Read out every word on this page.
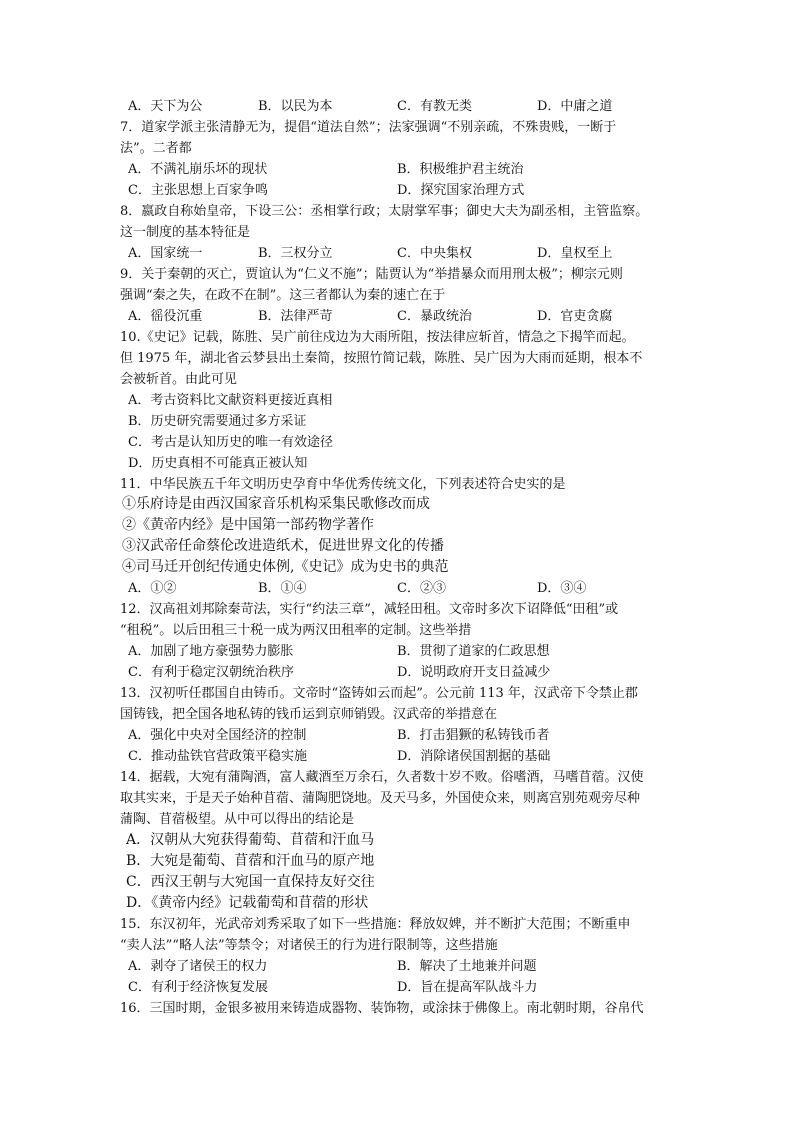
A．天下为公	B．以民为本	C．有教无类	D．中庸之道
7．道家学派主张清静无为，提倡“道法自然”；法家强调“不别亲疏，不殊贵贱，一断于
法”。二者都
A．不满礼崩乐坏的现状	B．积极维护君主统治
C．主张思想上百家争鸣	D．探究国家治理方式
8．嬴政自称始皇帝，下设三公：丞相掌行政；太尉掌军事；御史大夫为副丞相，主管监察。
这一制度的基本特征是
A．国家统一	B．三权分立	C．中央集权	D．皇权至上
9．关于秦朝的灭亡，贾谊认为“仁义不施”；陆贾认为“举措暴众而用刑太极”；柳宗元则
强调“秦之失，在政不在制”。这三者都认为秦的速亡在于
A．徭役沉重	B．法律严苛	C．暴政统治	D．官吏贪腐
10.《史记》记载，陈胜、吴广前往戍边为大雨所阻，按法律应斩首，情急之下揭竿而起。
但 1975 年，湖北省云梦县出土秦简，按照竹简记载，陈胜、吴广因为大雨而延期，根本不
会被斩首。由此可见
A．考古资料比文献资料更接近真相
B．历史研究需要通过多方采证
C．考古是认知历史的唯一有效途径
D．历史真相不可能真正被认知
11．中华民族五千年文明历史孕育中华优秀传统文化，下列表述符合史实的是
①乐府诗是由西汉国家音乐机构采集民歌修改而成
②《黄帝内经》是中国第一部药物学著作
③汉武帝任命蔡伦改进造纸术，促进世界文化的传播
④司马迁开创纪传通史体例,《史记》成为史书的典范
A．①②	B．①④	C．②③	D．③④
12．汉高祖刘邦除秦苛法，实行“约法三章”，减轻田租。文帝时多次下诏降低“田租”或
“租税”。以后田租三十税一成为两汉田租率的定制。这些举措
A．加剧了地方豪强势力膨胀	B．贯彻了道家的仁政思想
C．有利于稳定汉朝统治秩序	D．说明政府开支日益减少
13．汉初听任郡国自由铸币。文帝时“盗铸如云而起”。公元前 113 年，汉武帝下令禁止郡
国铸钱，把全国各地私铸的钱币运到京师销毁。汉武帝的举措意在
A．强化中央对全国经济的控制	B．打击猖獗的私铸钱币者
C．推动盐铁官营政策平稳实施	D．消除诸侯国割据的基础
14．据载，大宛有蒲陶酒，富人藏酒至万余石，久者数十岁不败。俗嗜酒，马嗜苜蓿。汉使
取其实来，于是天子始种苜蓿、蒲陶肥饶地。及天马多，外国使众来，则离宫别苑观旁尽种
蒲陶、苜蓿极望。从中可以得出的结论是
A．汉朝从大宛获得葡萄、苜蓿和汗血马
B．大宛是葡萄、苜蓿和汗血马的原产地
C．西汉王朝与大宛国一直保持友好交往
D．《黄帝内经》记载葡萄和苜蓿的形状
15．东汉初年，光武帝刘秀采取了如下一些措施：释放奴婢，并不断扩大范围；不断重申
“卖人法”“略人法”等禁令；对诸侯王的行为进行限制等，这些措施
A．剥夺了诸侯王的权力	B．解决了土地兼并问题
C．有利于经济恢复发展	D．旨在提高军队战斗力
16．三国时期，金银多被用来铸造成器物、装饰物，或涂抹于佛像上。南北朝时期，谷帛代
